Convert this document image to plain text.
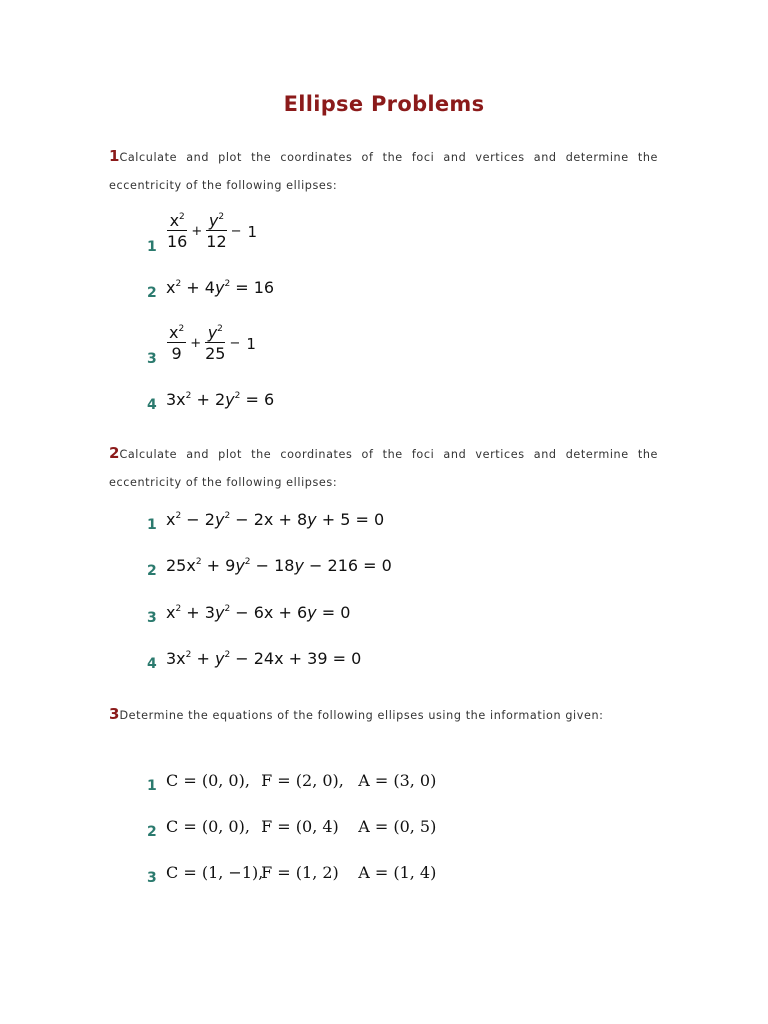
Ellipse Problems
1Calculate and plot the coordinates of the foci and vertices and determine the eccentricity of the following ellipses:
$1 \frac{x^2}{16} + \frac{y^2}{12} - 1$
2 $x^2 + 4y^2 = 16$
$3 \frac{x^2}{9} + \frac{y^2}{25} - 1$
4 $3x^2 + 2y^2 = 6$
2Calculate and plot the coordinates of the foci and vertices and determine the eccentricity of the following ellipses:
1 $x^2 - 2y^2 - 2x + 8y + 5 = 0$
2 $25x^2 + 9y^2 - 18y - 216 = 0$
3 $x^2 + 3y^2 - 6x + 6y = 0$
4 $3x^2 + y^2 - 24x + 39 = 0$
3Determine the equations of the following ellipses using the information given:
1 C = (0, 0), F = (2, 0), A = (3, 0)
2 C = (0, 0), F = (0, 4) A = (0, 5)
3 C = (1, −1), F = (1, 2) A = (1, 4)
